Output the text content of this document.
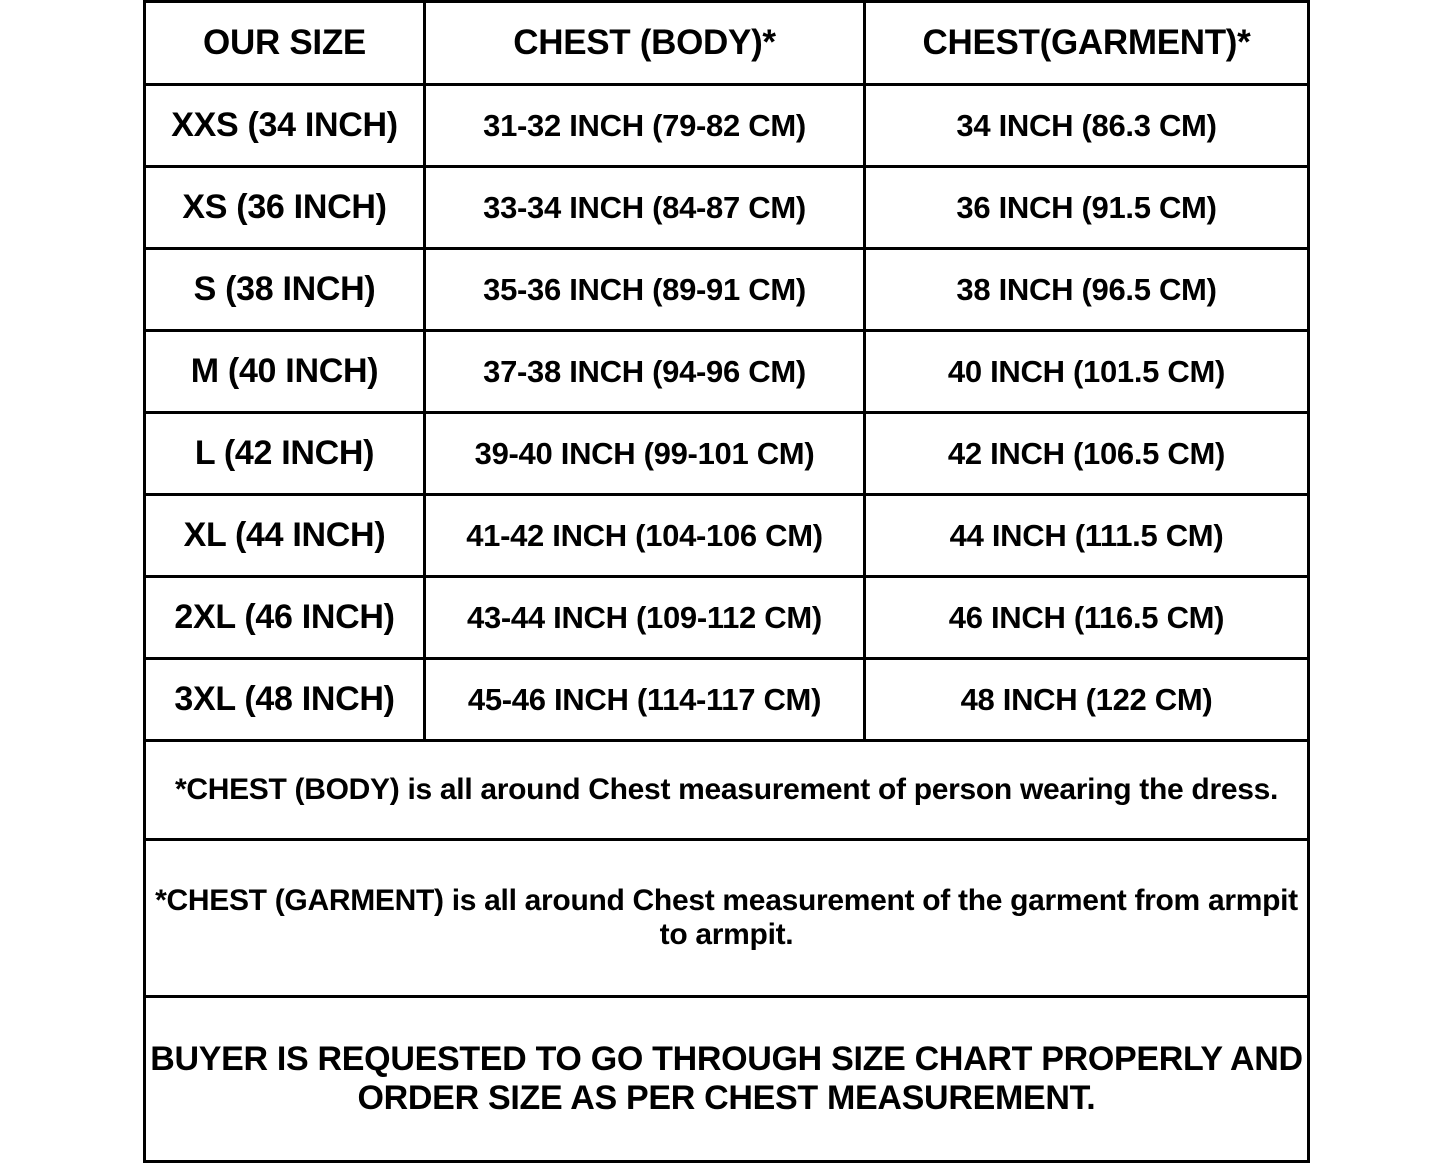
OUR SIZE	CHEST (BODY)*	CHEST(GARMENT)*
XXS (34 INCH)	31-32 INCH (79-82 CM)	34 INCH (86.3 CM)
XS (36 INCH)	33-34 INCH (84-87 CM)	36 INCH (91.5 CM)
S (38 INCH)	35-36 INCH (89-91 CM)	38 INCH (96.5 CM)
M (40 INCH)	37-38 INCH (94-96 CM)	40 INCH (101.5 CM)
L (42 INCH)	39-40 INCH (99-101 CM)	42 INCH (106.5 CM)
XL (44 INCH)	41-42 INCH (104-106 CM)	44 INCH (111.5 CM)
2XL (46 INCH)	43-44 INCH (109-112 CM)	46 INCH (116.5 CM)
3XL (48 INCH)	45-46 INCH (114-117 CM)	48 INCH (122 CM)
*CHEST (BODY) is all around Chest measurement of person wearing the dress.		
*CHEST (GARMENT) is all around Chest measurement of the garment from armpit to armpit.		
BUYER IS REQUESTED TO GO THROUGH SIZE CHART PROPERLY AND ORDER SIZE AS PER CHEST MEASUREMENT.		
